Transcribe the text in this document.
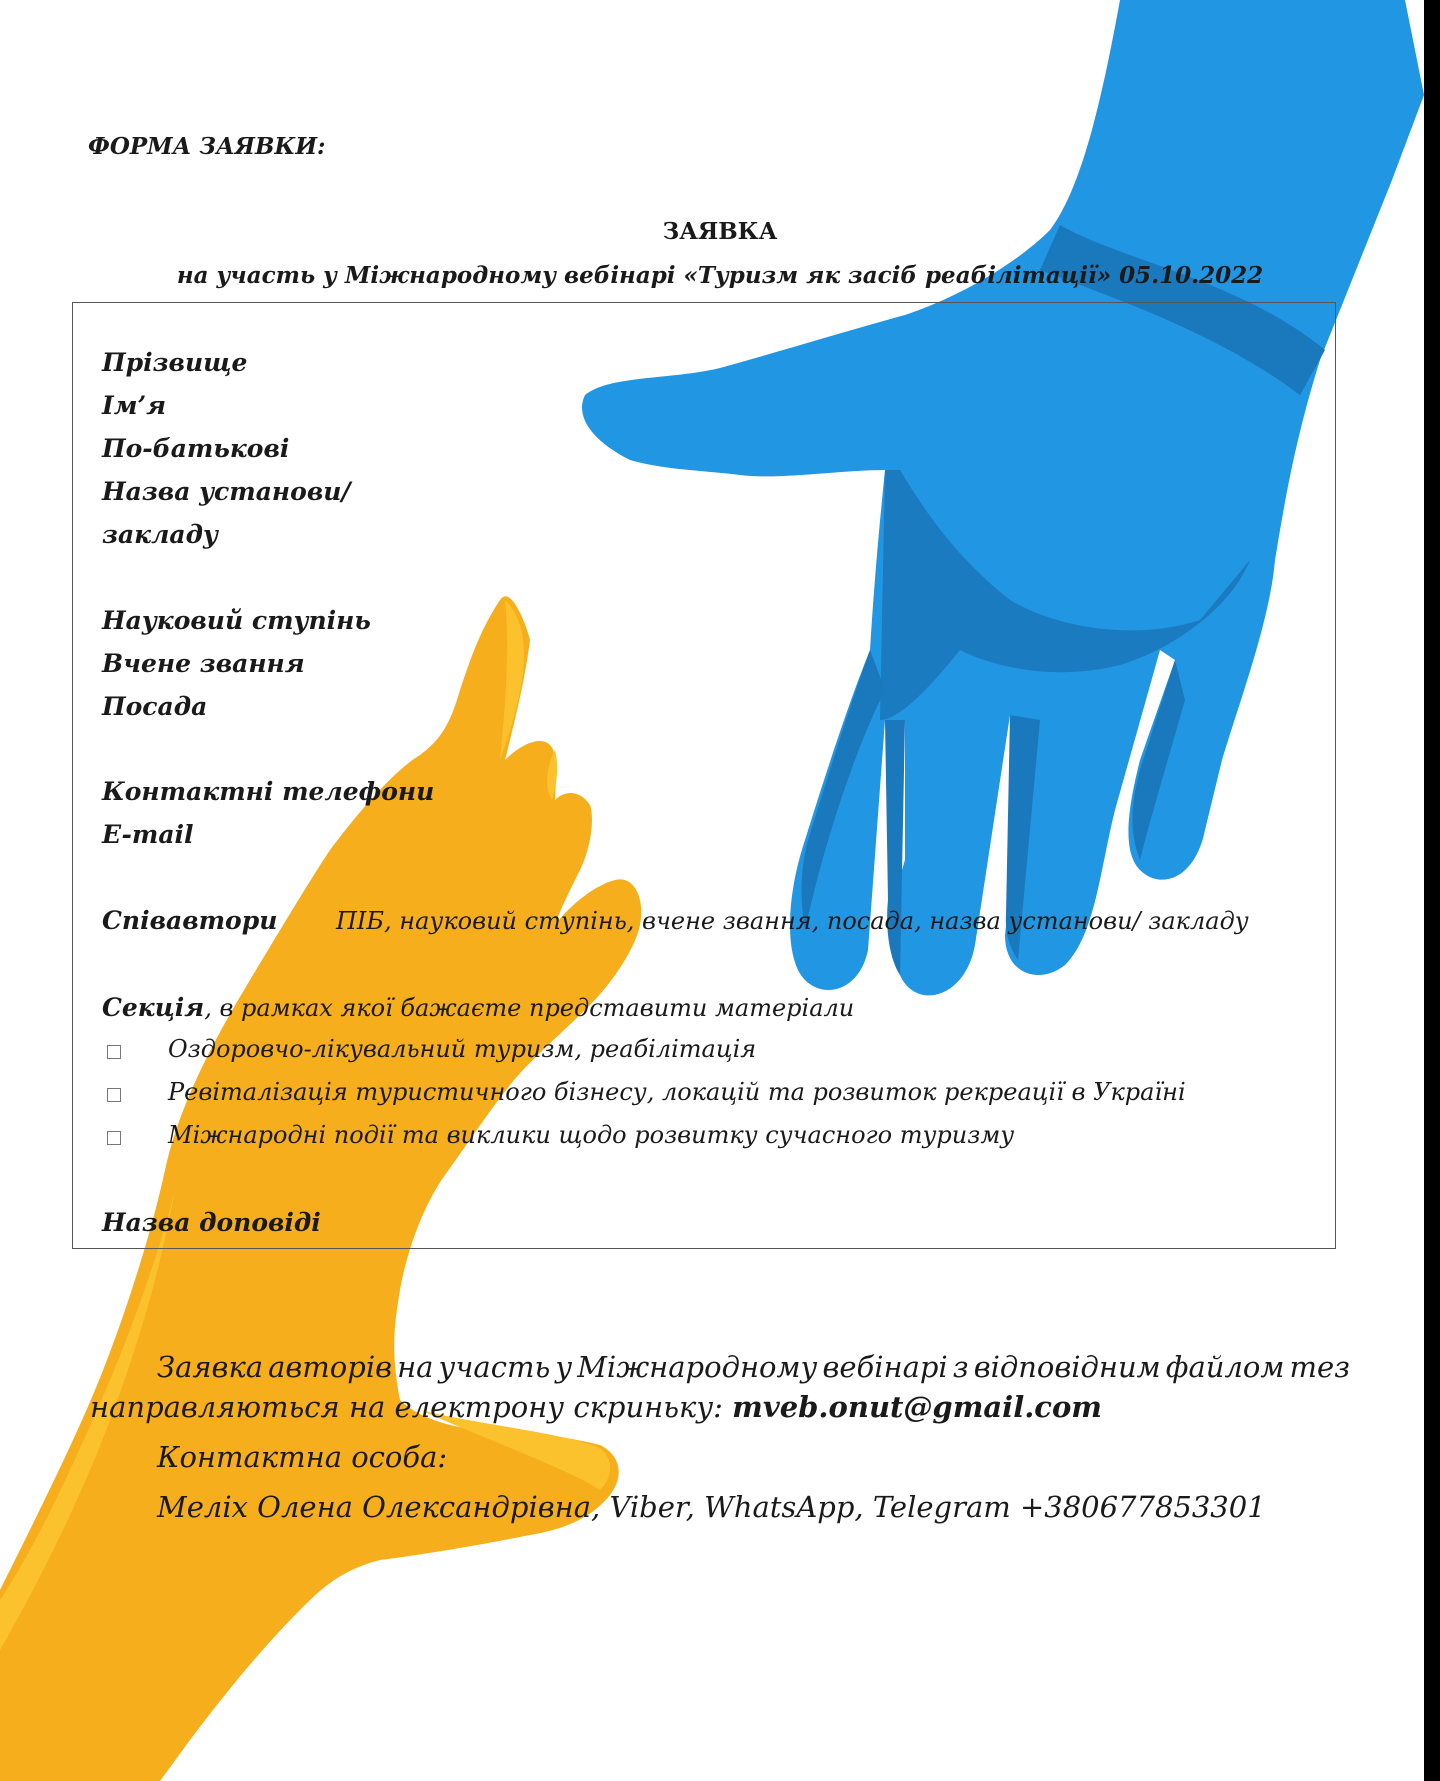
ФОРМА ЗАЯВКИ:
ЗАЯВКА
на участь у Міжнародному вебінарі «Туризм як засіб реабілітації» 05.10.2022
Прізвище
Ім’я
По-батькові
Назва установи/
закладу
Науковий ступінь
Вчене звання
Посада
Контактні телефони
E-mail
Співавтори ПІБ, науковий ступінь, вчене звання, посада, назва установи/ закладу
Секція, в рамках якої бажаєте представити матеріали
Оздоровчо-лікувальний туризм, реабілітація
Ревіталізація туристичного бізнесу, локацій та розвиток рекреації в Україні
Міжнародні події та виклики щодо розвитку сучасного туризму
Назва доповіді
Заявка авторів на участь у Міжнародному вебінарі з відповідним файлом тез
направляються на електрону скриньку: mveb.onut@gmail.com
Контактна особа:
Меліх Олена Олександрівна, Viber, WhatsApp, Telegram +380677853301
